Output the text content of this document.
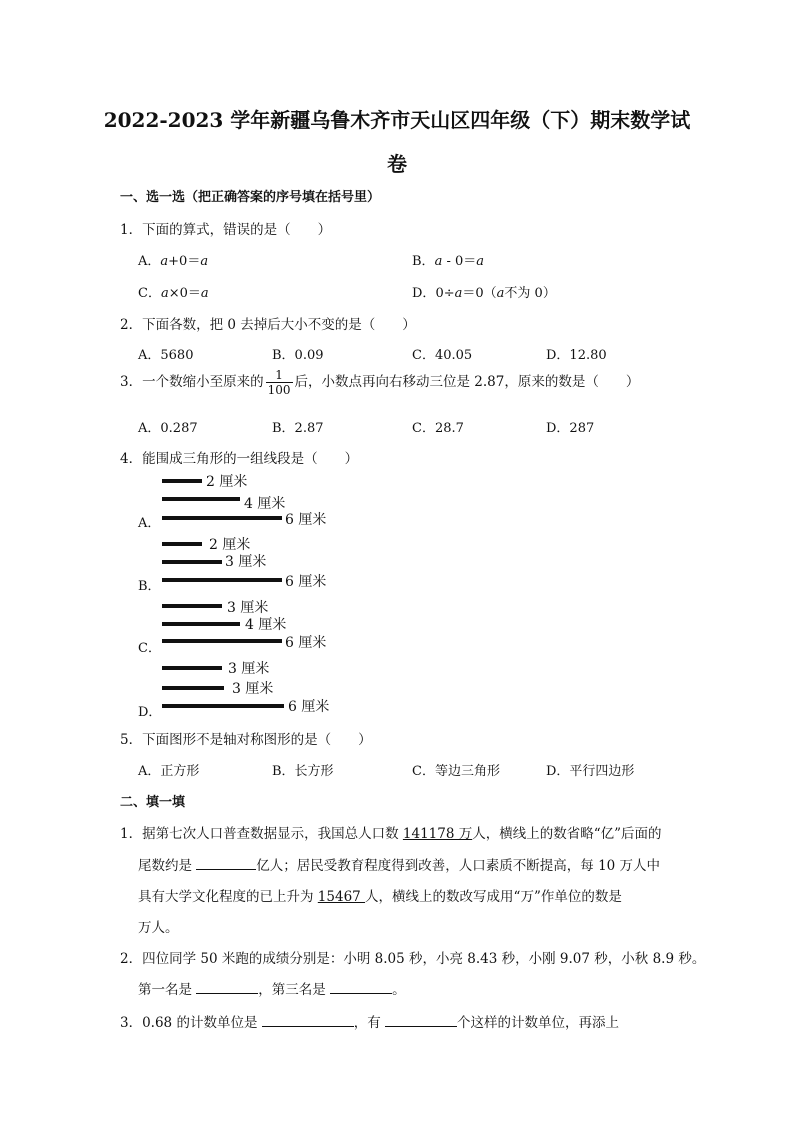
2022-2023 学年新疆乌鲁木齐市天山区四年级（下）期末数学试
卷
一、选一选（把正确答案的序号填在括号里）
1．下面的算式，错误的是（　　）
A．a+0＝a	B．a - 0＝a
C．a×0＝a	D．0÷a＝0（a不为 0）
2．下面各数，把 0 去掉后大小不变的是（　　）
A．5680	B．0.09	C．40.05	D．12.80
3．一个数缩小至原来的 $\frac{1}{100}$ 后，小数点再向右移动三位是 2.87，原来的数是（　　）
A．0.287	B．2.87	C．28.7	D．287
4．能围成三角形的一组线段是（　　）
A．
2 厘米
4 厘米
6 厘米
B．
2 厘米
3 厘米
6 厘米
C．
3 厘米
4 厘米
6 厘米
D．
3 厘米
3 厘米
6 厘米
5．下面图形不是轴对称图形的是（　　）
A．正方形	B．长方形	C．等边三角形	D．平行四边形
二、填一填
1．据第七次人口普查数据显示，我国总人口数 141178 万人，横线上的数省略“亿”后面的
尾数约是	亿人；居民受教育程度得到改善，人口素质不断提高，每 10 万人中
具有大学文化程度的已上升为 15467 人，横线上的数改写成用“万”作单位的数是
万人。
2．四位同学 50 米跑的成绩分别是：小明 8.05 秒，小亮 8.43 秒，小刚 9.07 秒，小秋 8.9 秒。
第一名是	，第三名是	。
3．0.68 的计数单位是	，有	个这样的计数单位，再添上
